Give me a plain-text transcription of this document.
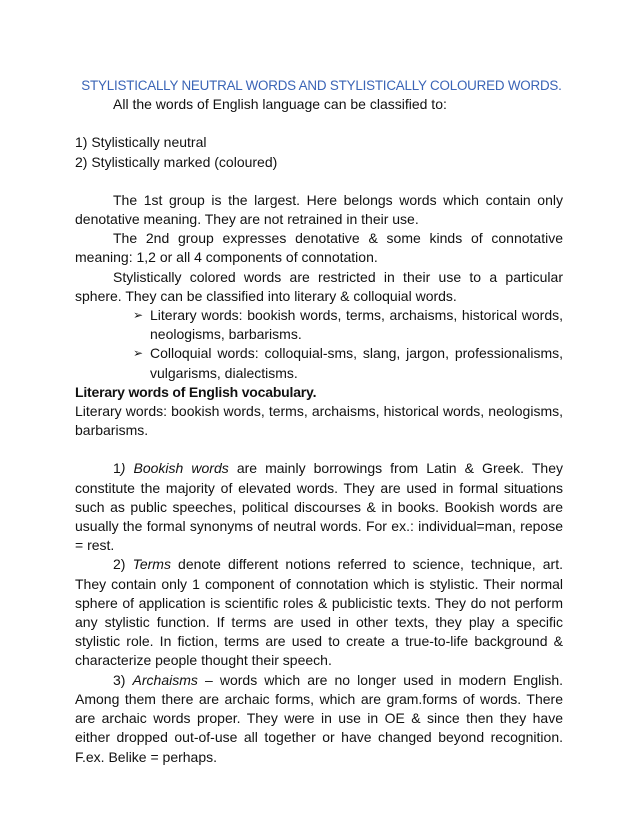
STYLISTICALLY NEUTRAL WORDS AND STYLISTICALLY COLOURED WORDS.

All the words of English language can be classified to:

1) Stylistically neutral

2) Stylistically marked (coloured)

The 1st group is the largest. Here belongs words which contain only denotative meaning. They are not retrained in their use.

The 2nd group expresses denotative & some kinds of connotative meaning: 1,2 or all 4 components of connotation.

Stylistically colored words are restricted in their use to a particular sphere. They can be classified into literary & colloquial words.

➢ Literary words: bookish words, terms, archaisms, historical words, neologisms, barbarisms.
➢ Colloquial words: colloquial-sms, slang, jargon, professionalisms, vulgarisms, dialectisms.

Literary words of English vocabulary.

Literary words: bookish words, terms, archaisms, historical words, neologisms, barbarisms.

1) Bookish words are mainly borrowings from Latin & Greek. They constitute the majority of elevated words. They are used in formal situations such as public speeches, political discourses & in books. Bookish words are usually the formal synonyms of neutral words. For ex.: individual=man, repose = rest.

2) Terms denote different notions referred to science, technique, art. They contain only 1 component of connotation which is stylistic. Their normal sphere of application is scientific roles & publicistic texts. They do not perform any stylistic function. If terms are used in other texts, they play a specific stylistic role. In fiction, terms are used to create a true-to-life background & characterize people thought their speech.

3) Archaisms – words which are no longer used in modern English. Among them there are archaic forms, which are gram.forms of words. There are archaic words proper. They were in use in OE & since then they have either dropped out-of-use all together or have changed beyond recognition. F.ex. Belike = perhaps.
